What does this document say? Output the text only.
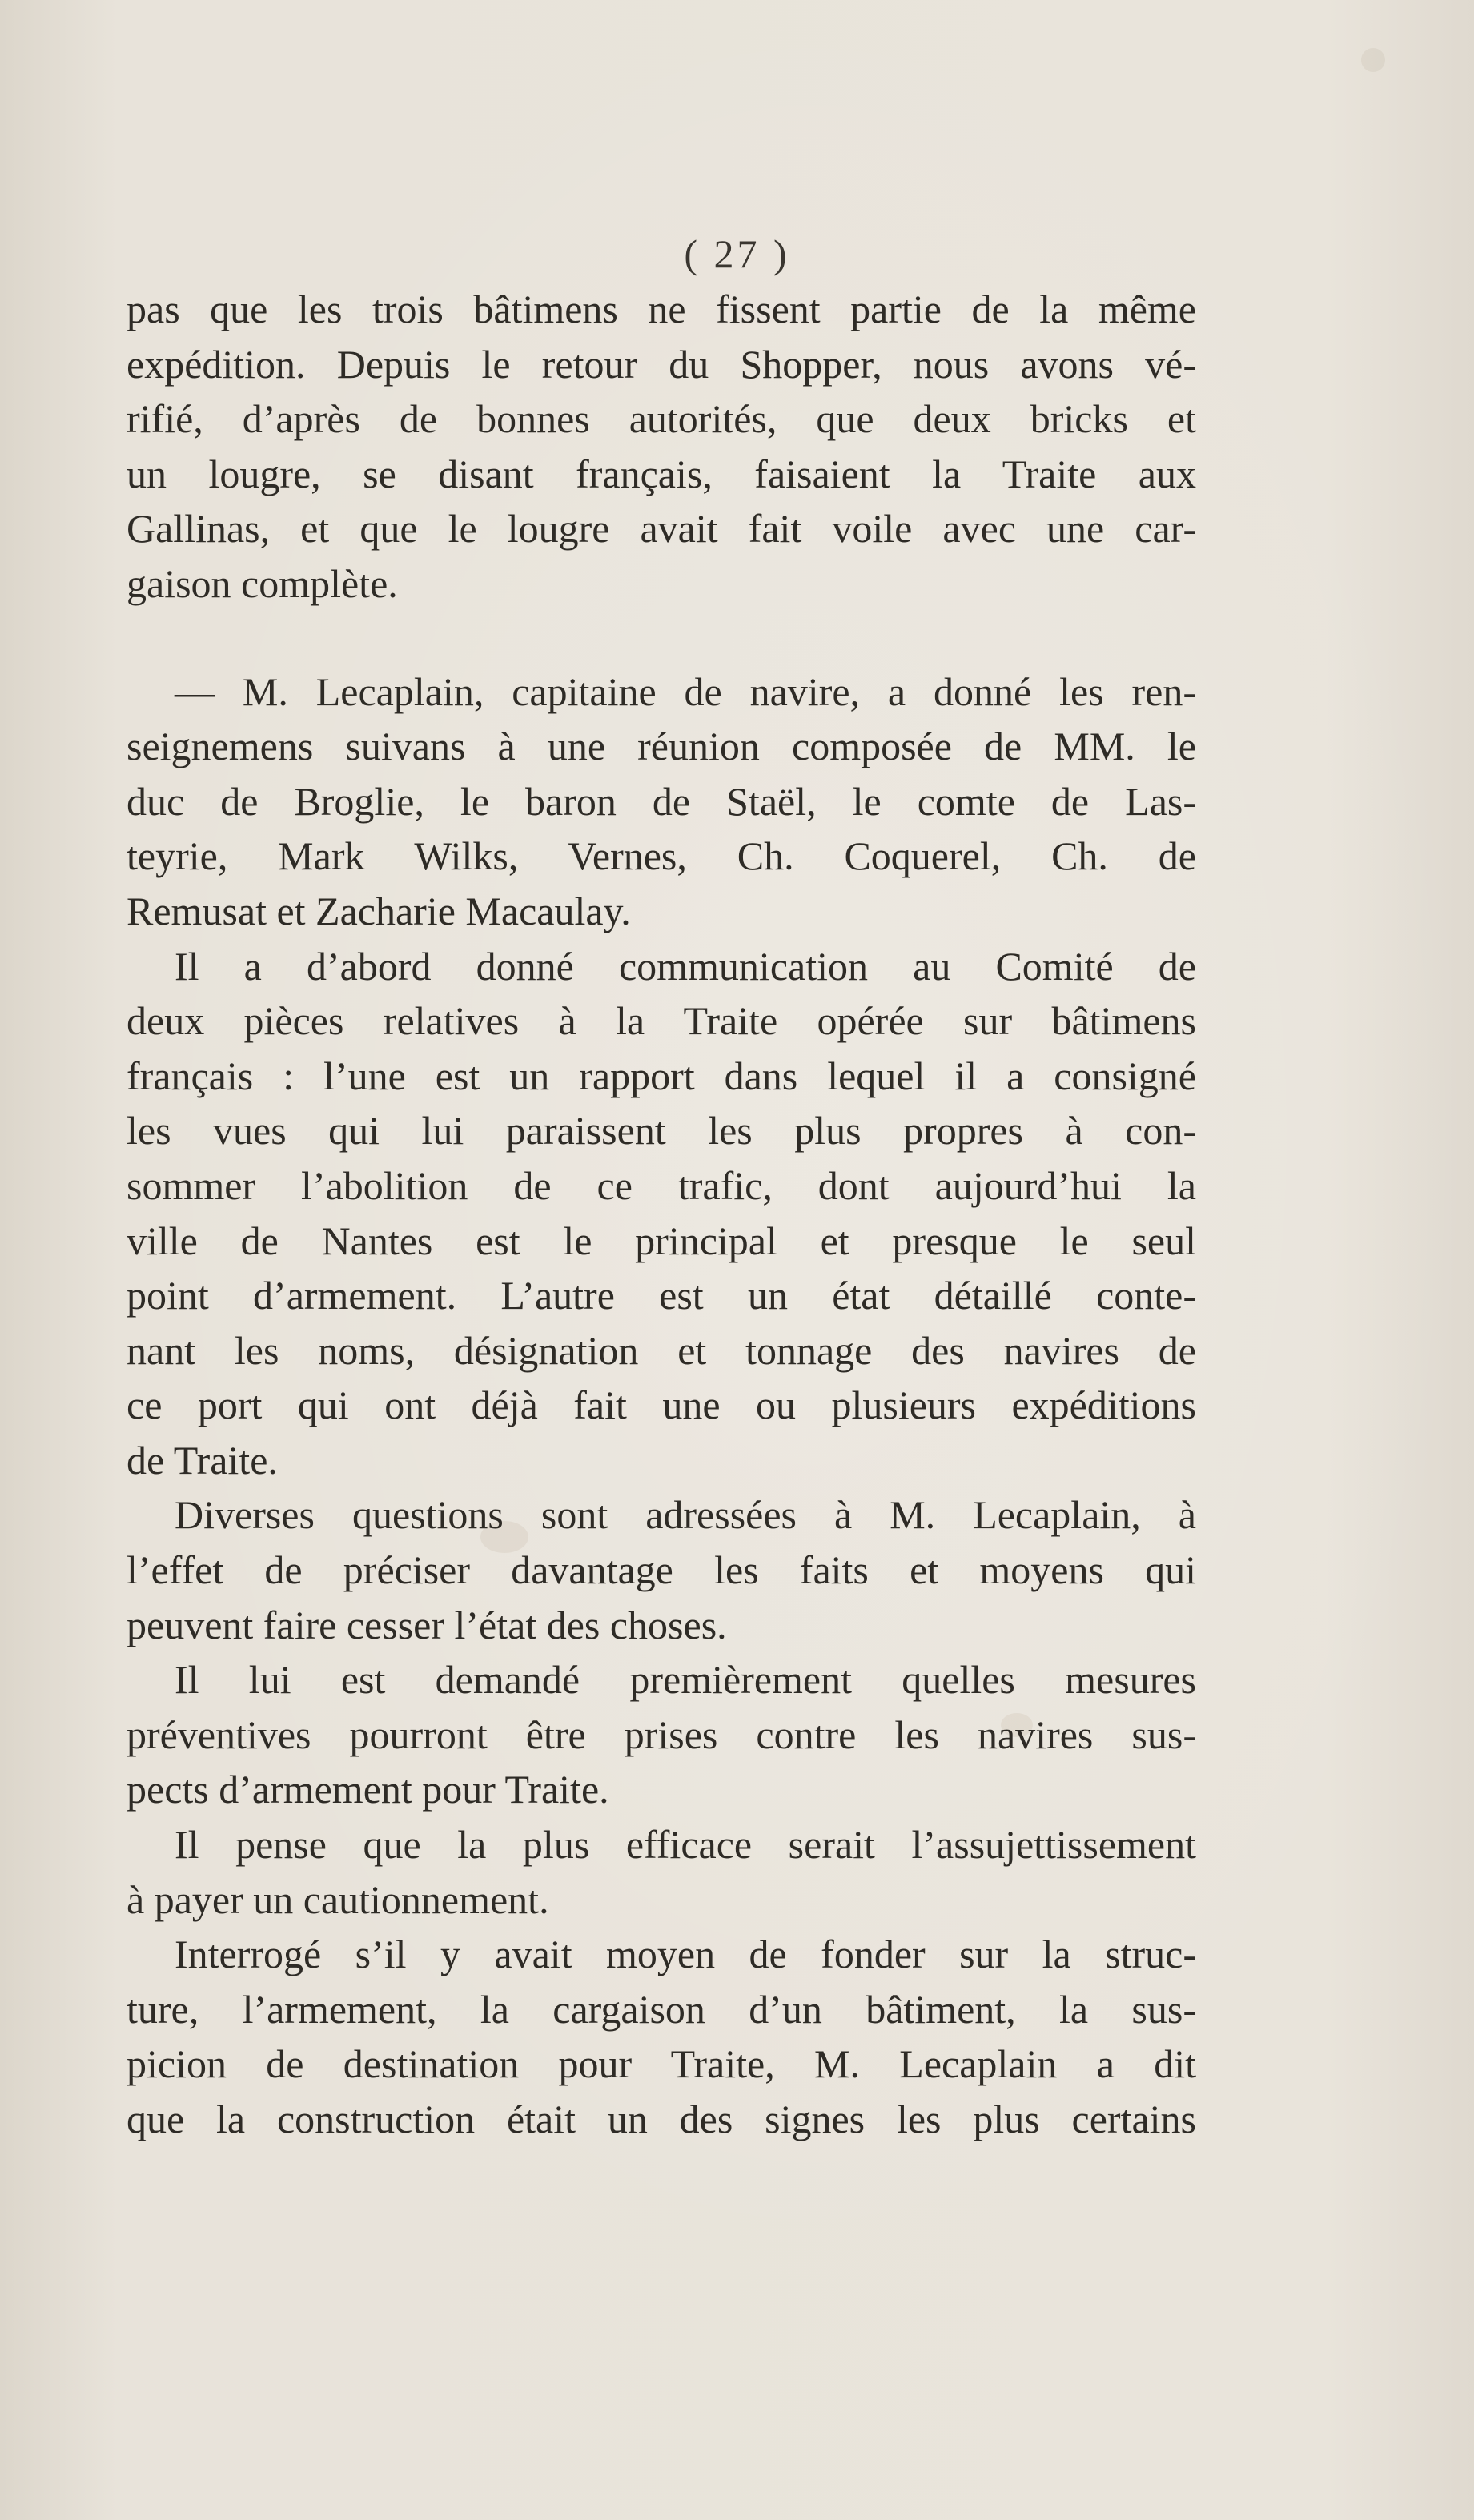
( 27 )
pas que les trois bâtimens ne fissent partie de la même
expédition. Depuis le retour du Shopper, nous avons vé-
rifié, d’après de bonnes autorités, que deux bricks et
un lougre, se disant français, faisaient la Traite aux
Gallinas, et que le lougre avait fait voile avec une car-
gaison complète.
— M. Lecaplain, capitaine de navire, a donné les ren-
seignemens suivans à une réunion composée de MM. le
duc de Broglie, le baron de Staël, le comte de Las-
teyrie, Mark Wilks, Vernes, Ch. Coquerel, Ch. de
Remusat et Zacharie Macaulay.
Il a d’abord donné communication au Comité de
deux pièces relatives à la Traite opérée sur bâtimens
français : l’une est un rapport dans lequel il a consigné
les vues qui lui paraissent les plus propres à con-
sommer l’abolition de ce trafic, dont aujourd’hui la
ville de Nantes est le principal et presque le seul
point d’armement. L’autre est un état détaillé conte-
nant les noms, désignation et tonnage des navires de
ce port qui ont déjà fait une ou plusieurs expéditions
de Traite.
Diverses questions sont adressées à M. Lecaplain, à
l’effet de préciser davantage les faits et moyens qui
peuvent faire cesser l’état des choses.
Il lui est demandé premièrement quelles mesures
préventives pourront être prises contre les navires sus-
pects d’armement pour Traite.
Il pense que la plus efficace serait l’assujettissement
à payer un cautionnement.
Interrogé s’il y avait moyen de fonder sur la struc-
ture, l’armement, la cargaison d’un bâtiment, la sus-
picion de destination pour Traite, M. Lecaplain a dit
que la construction était un des signes les plus certains
